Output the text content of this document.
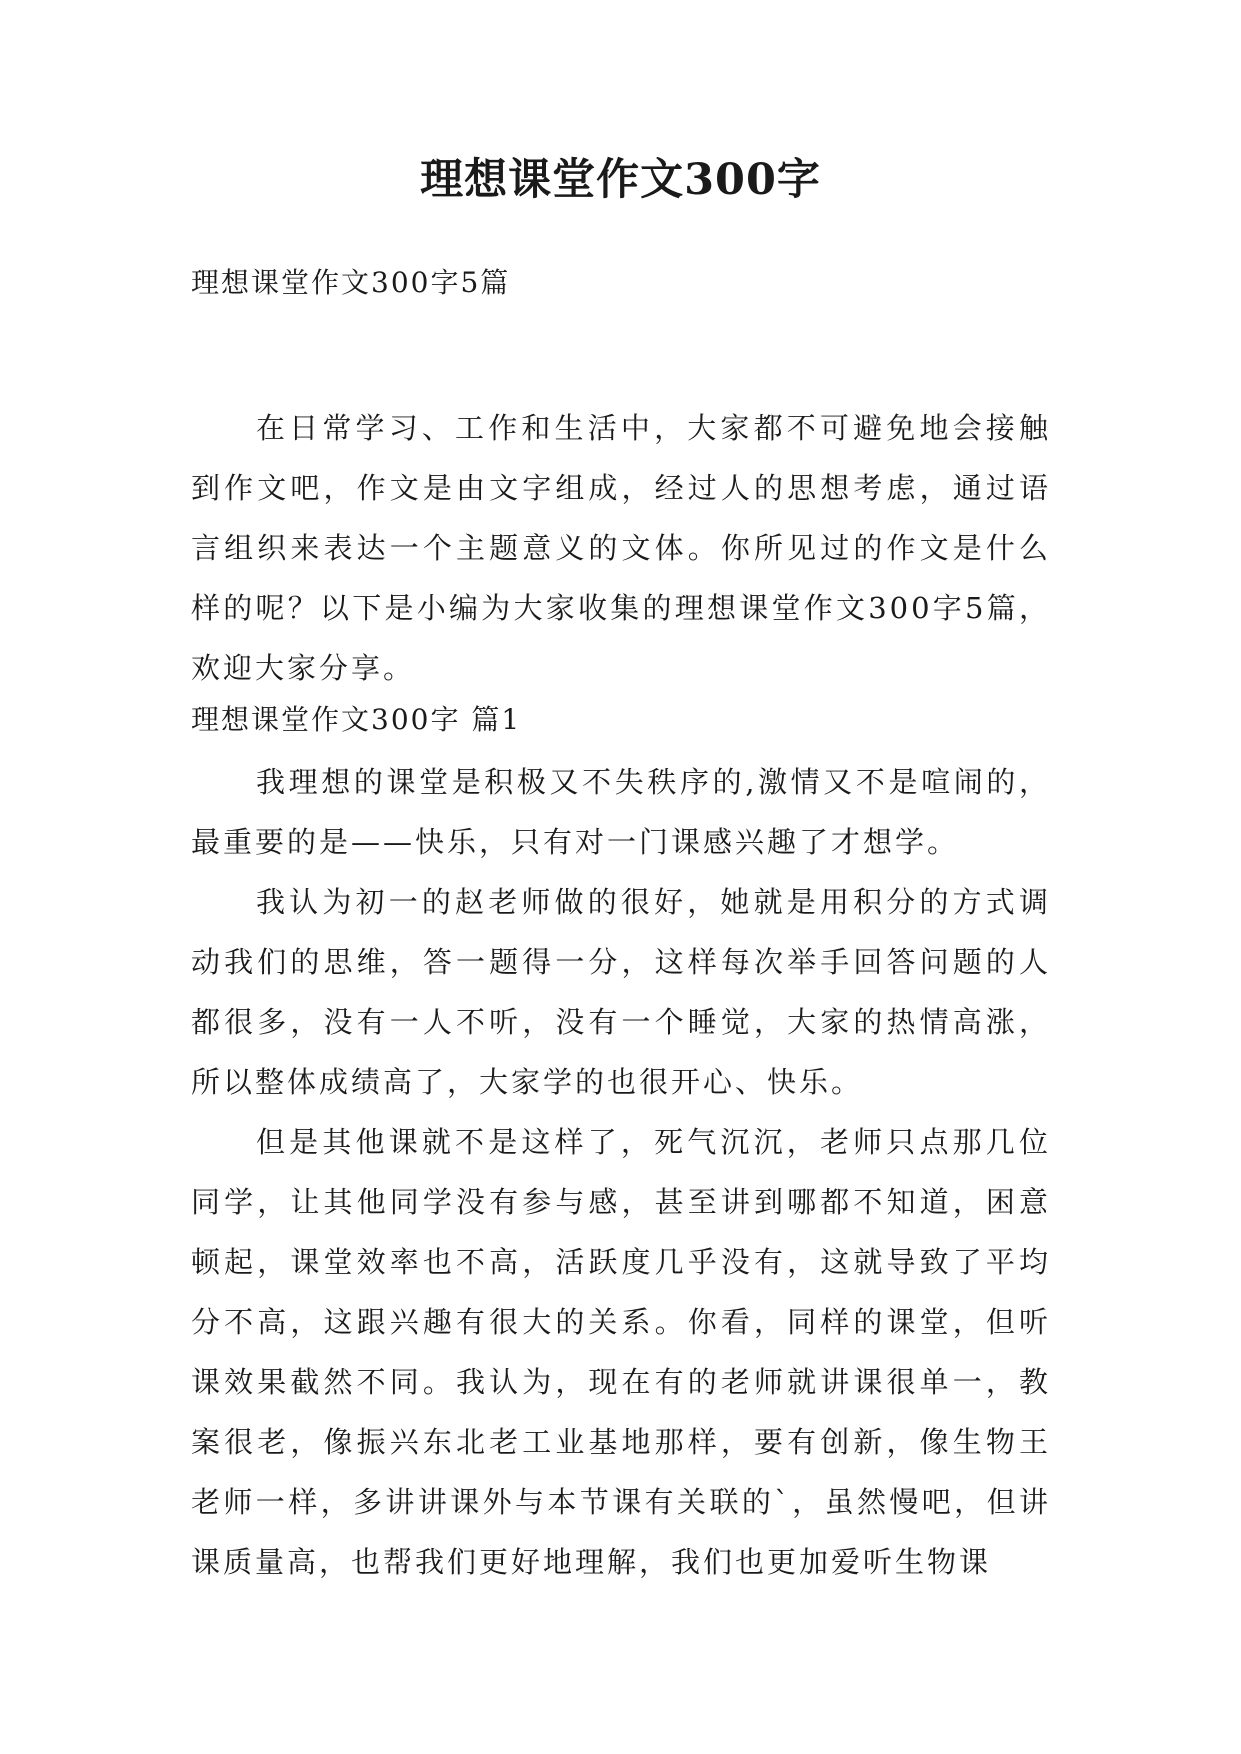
理想课堂作文300字
理想课堂作文300字5篇

在日常学习、工作和生活中，大家都不可避免地会接触到作文吧，作文是由文字组成，经过人的思想考虑，通过语言组织来表达一个主题意义的文体。你所见过的作文是什么样的呢？以下是小编为大家收集的理想课堂作文300字5篇，欢迎大家分享。

理想课堂作文300字 篇1

我理想的课堂是积极又不失秩序的,激情又不是喧闹的，最重要的是——快乐，只有对一门课感兴趣了才想学。

我认为初一的赵老师做的很好，她就是用积分的方式调动我们的思维，答一题得一分，这样每次举手回答问题的人都很多，没有一人不听，没有一个睡觉，大家的热情高涨，所以整体成绩高了，大家学的也很开心、快乐。

但是其他课就不是这样了，死气沉沉，老师只点那几位同学，让其他同学没有参与感，甚至讲到哪都不知道，困意顿起，课堂效率也不高，活跃度几乎没有，这就导致了平均分不高，这跟兴趣有很大的关系。你看，同样的课堂，但听课效果截然不同。我认为，现在有的老师就讲课很单一，教案很老，像振兴东北老工业基地那样，要有创新，像生物王老师一样，多讲讲课外与本节课有关联的`，虽然慢吧，但讲课质量高，也帮我们更好地理解，我们也更加爱听生物课
